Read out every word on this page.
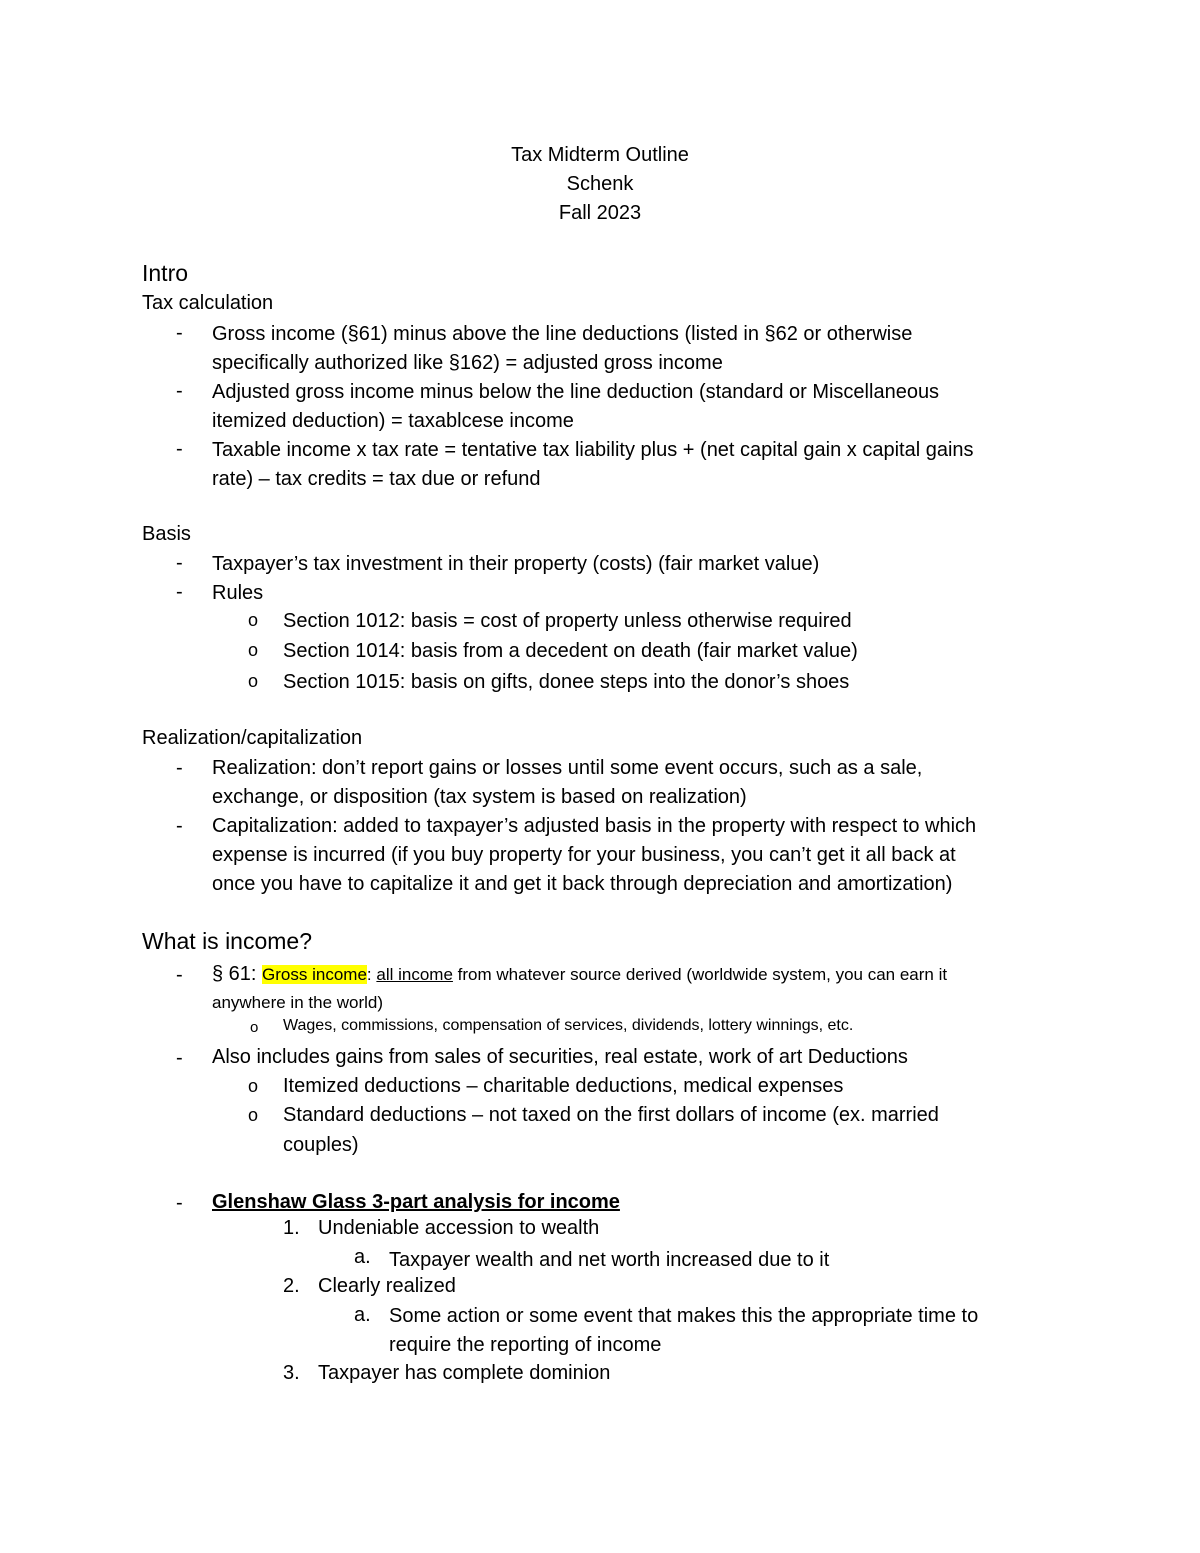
Tax Midterm Outline
Schenk
Fall 2023
Intro
Tax calculation
- Gross income (§61) minus above the line deductions (listed in §62 or otherwise
specifically authorized like §162) = adjusted gross income
- Adjusted gross income minus below the line deduction (standard or Miscellaneous
itemized deduction) = taxablcese income
- Taxable income x tax rate = tentative tax liability plus + (net capital gain x capital gains
rate) – tax credits = tax due or refund
Basis
- Taxpayer’s tax investment in their property (costs) (fair market value)
- Rules
o Section 1012: basis = cost of property unless otherwise required
o Section 1014: basis from a decedent on death (fair market value)
o Section 1015: basis on gifts, donee steps into the donor’s shoes
Realization/capitalization
- Realization: don’t report gains or losses until some event occurs, such as a sale,
exchange, or disposition (tax system is based on realization)
- Capitalization: added to taxpayer’s adjusted basis in the property with respect to which
expense is incurred (if you buy property for your business, you can’t get it all back at
once you have to capitalize it and get it back through depreciation and amortization)
What is income?
- § 61: Gross income: all income from whatever source derived (worldwide system, you can earn it
anywhere in the world)
o Wages, commissions, compensation of services, dividends, lottery winnings, etc.
- Also includes gains from sales of securities, real estate, work of art Deductions
o Itemized deductions – charitable deductions, medical expenses
o Standard deductions – not taxed on the first dollars of income (ex. married
couples)
- Glenshaw Glass 3-part analysis for income
1. Undeniable accession to wealth
a. Taxpayer wealth and net worth increased due to it
2. Clearly realized
a. Some action or some event that makes this the appropriate time to
require the reporting of income
3. Taxpayer has complete dominion
